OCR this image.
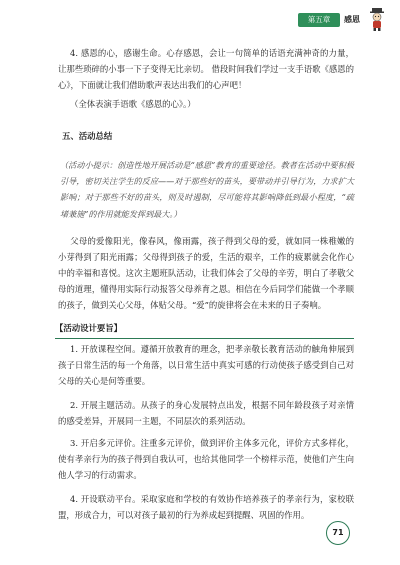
第五章	感恩

4. 感恩的心，感谢生命。心存感恩，会让一句简单的话语充满神奇的力量，让那些琐碎的小事一下子变得无比亲切。 借段时间我们学过一支手语歌《感恩的心》，下面就让我们借助歌声表达出我们的心声吧！

（全体表演手语歌《感恩的心》。）

五、活动总结

（活动小提示：创造性地开展活动是“感恩”教育的重要途径。教者在活动中要积极引导，密切关注学生的反应——对于那些好的苗头，要带动并引导行为，力求扩大影响；对于那些不好的苗头，则及时遏制，尽可能将其影响降低到最小程度，“疏堵兼施”的作用就能发挥到最大。）

父母的爱像阳光，像春风，像雨露，孩子得到父母的爱，就如同一株稚嫩的小芽得到了阳光雨露；父母得到孩子的爱，生活的艰辛，工作的疲累就会化作心中的幸福和喜悦。这次主题班队活动，让我们体会了父母的辛劳，明白了孝敬父母的道理，懂得用实际行动报答父母养育之恩。相信在今后同学们能做一个孝顺的孩子，做到关心父母，体贴父母。“爱”的旋律将会在未来的日子奏响。

【活动设计要旨】

1. 开放课程空间。遵循开放教育的理念，把孝亲敬长教育活动的触角伸展到孩子日常生活的每一个角落，以日常生活中真实可感的行动使孩子感受到自己对父母的关心是何等重要。

2. 开展主题活动。从孩子的身心发展特点出发，根据不同年龄段孩子对亲情的感受差异，开展同一主题，不同层次的系列活动。

3. 开启多元评价。注重多元评价，做到评价主体多元化，评价方式多样化，使有孝亲行为的孩子得到自我认可，也给其他同学一个榜样示范，使他们产生向他人学习的行动需求。

4. 开设联动平台。采取家庭和学校的有效协作培养孩子的孝亲行为，家校联盟，形成合力，可以对孩子最初的行为养成起到提醒、巩固的作用。

71
